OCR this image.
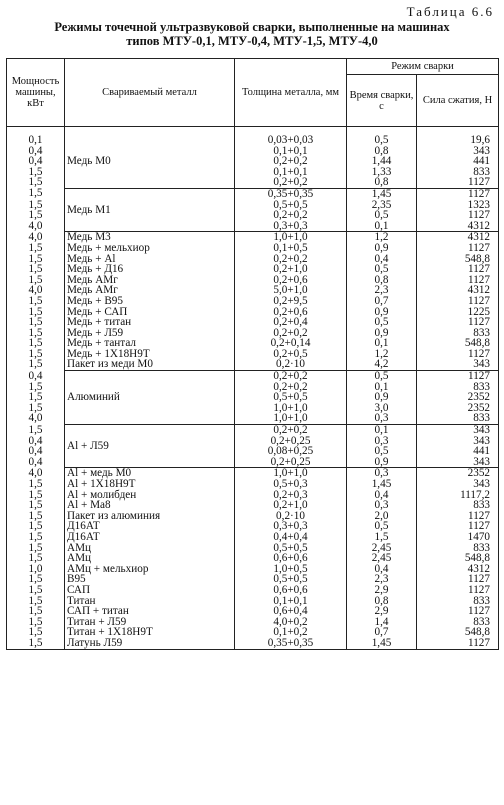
Таблица 6.6
Режимы точечной ультразвуковой сварки, выполненные на машинах
типов МТУ-0,1, МТУ-0,4, МТУ-1,5, МТУ-4,0
Мощность машины, кВт	Свариваемый металл	Толщина металла, мм	Режим сварки	
			Время сварки, с	Сила сжатия, Н

0,1	Медь М0	0,03+0,03	0,5	19,6
0,4		0,1+0,1	0,8	343
0,4		0,2+0,2	1,44	441
1,5		0,1+0,1	1,33	833
1,5		0,2+0,2	0,8	1127
1,5	Медь М1	0,35+0,35	1,45	1127
1,5		0,5+0,5	2,35	1323
1,5		0,2+0,2	0,5	1127
4,0		0,3+0,3	0,1	4312
4,0	Медь М3	1,0+1,0	1,2	4312
1,5	Медь + мельхиор	0,1+0,5	0,9	1127
1,5	Медь + Al	0,2+0,2	0,4	548,8
1,5	Медь + Д16	0,2+1,0	0,5	1127
1,5	Медь АМг	0,2+0,6	0,8	1127
4,0	Медь АМг	5,0+1,0	2,3	4312
1,5	Медь + В95	0,2+9,5	0,7	1127
1,5	Медь + САП	0,2+0,6	0,9	1225
1,5	Медь + титан	0,2+0,4	0,5	1127
1,5	Медь + Л59	0,2+0,2	0,9	833
1,5	Медь + тантал	0,2+0,14	0,1	548,8
1,5	Медь + 1Х18Н9Т	0,2+0,5	1,2	1127
1,5	Пакет из меди М0	0,2·10	4,2	343
0,4	Алюминий	0,2+0,2	0,5	1127
1,5		0,2+0,2	0,1	833
1,5		0,5+0,5	0,9	2352
1,5		1,0+1,0	3,0	2352
4,0		1,0+1,0	0,3	833
1,5	Al + Л59	0,2+0,2	0,1	343
0,4		0,2+0,25	0,3	343
0,4		0,08+0,25	0,5	441
0,4		0,2+0,25	0,9	343
4,0	Al + медь М0	1,0+1,0	0,3	2352
1,5	Al + 1Х18Н9Т	0,5+0,3	1,45	343
1,5	Al + молибден	0,2+0,3	0,4	1117,2
1,5	Al + Ма8	0,2+1,0	0,3	833
1,5	Пакет из алюминия	0,2·10	2,0	1127
1,5	Д16АТ	0,3+0,3	0,5	1127
1,5	Д16АТ	0,4+0,4	1,5	1470
1,5	АМц	0,5+0,5	2,45	833
1,5	АМц	0,6+0,6	2,45	548,8
1,0	АМц + мельхиор	1,0+0,5	0,4	4312
1,5	В95	0,5+0,5	2,3	1127
1,5	САП	0,6+0,6	2,9	1127
1,5	Титан	0,1+0,1	0,8	833
1,5	САП + титан	0,6+0,4	2,9	1127
1,5	Титан + Л59	4,0+0,2	1,4	833
1,5	Титан + 1Х18Н9Т	0,1+0,2	0,7	548,8
1,5	Латунь Л59	0,35+0,35	1,45	1127
